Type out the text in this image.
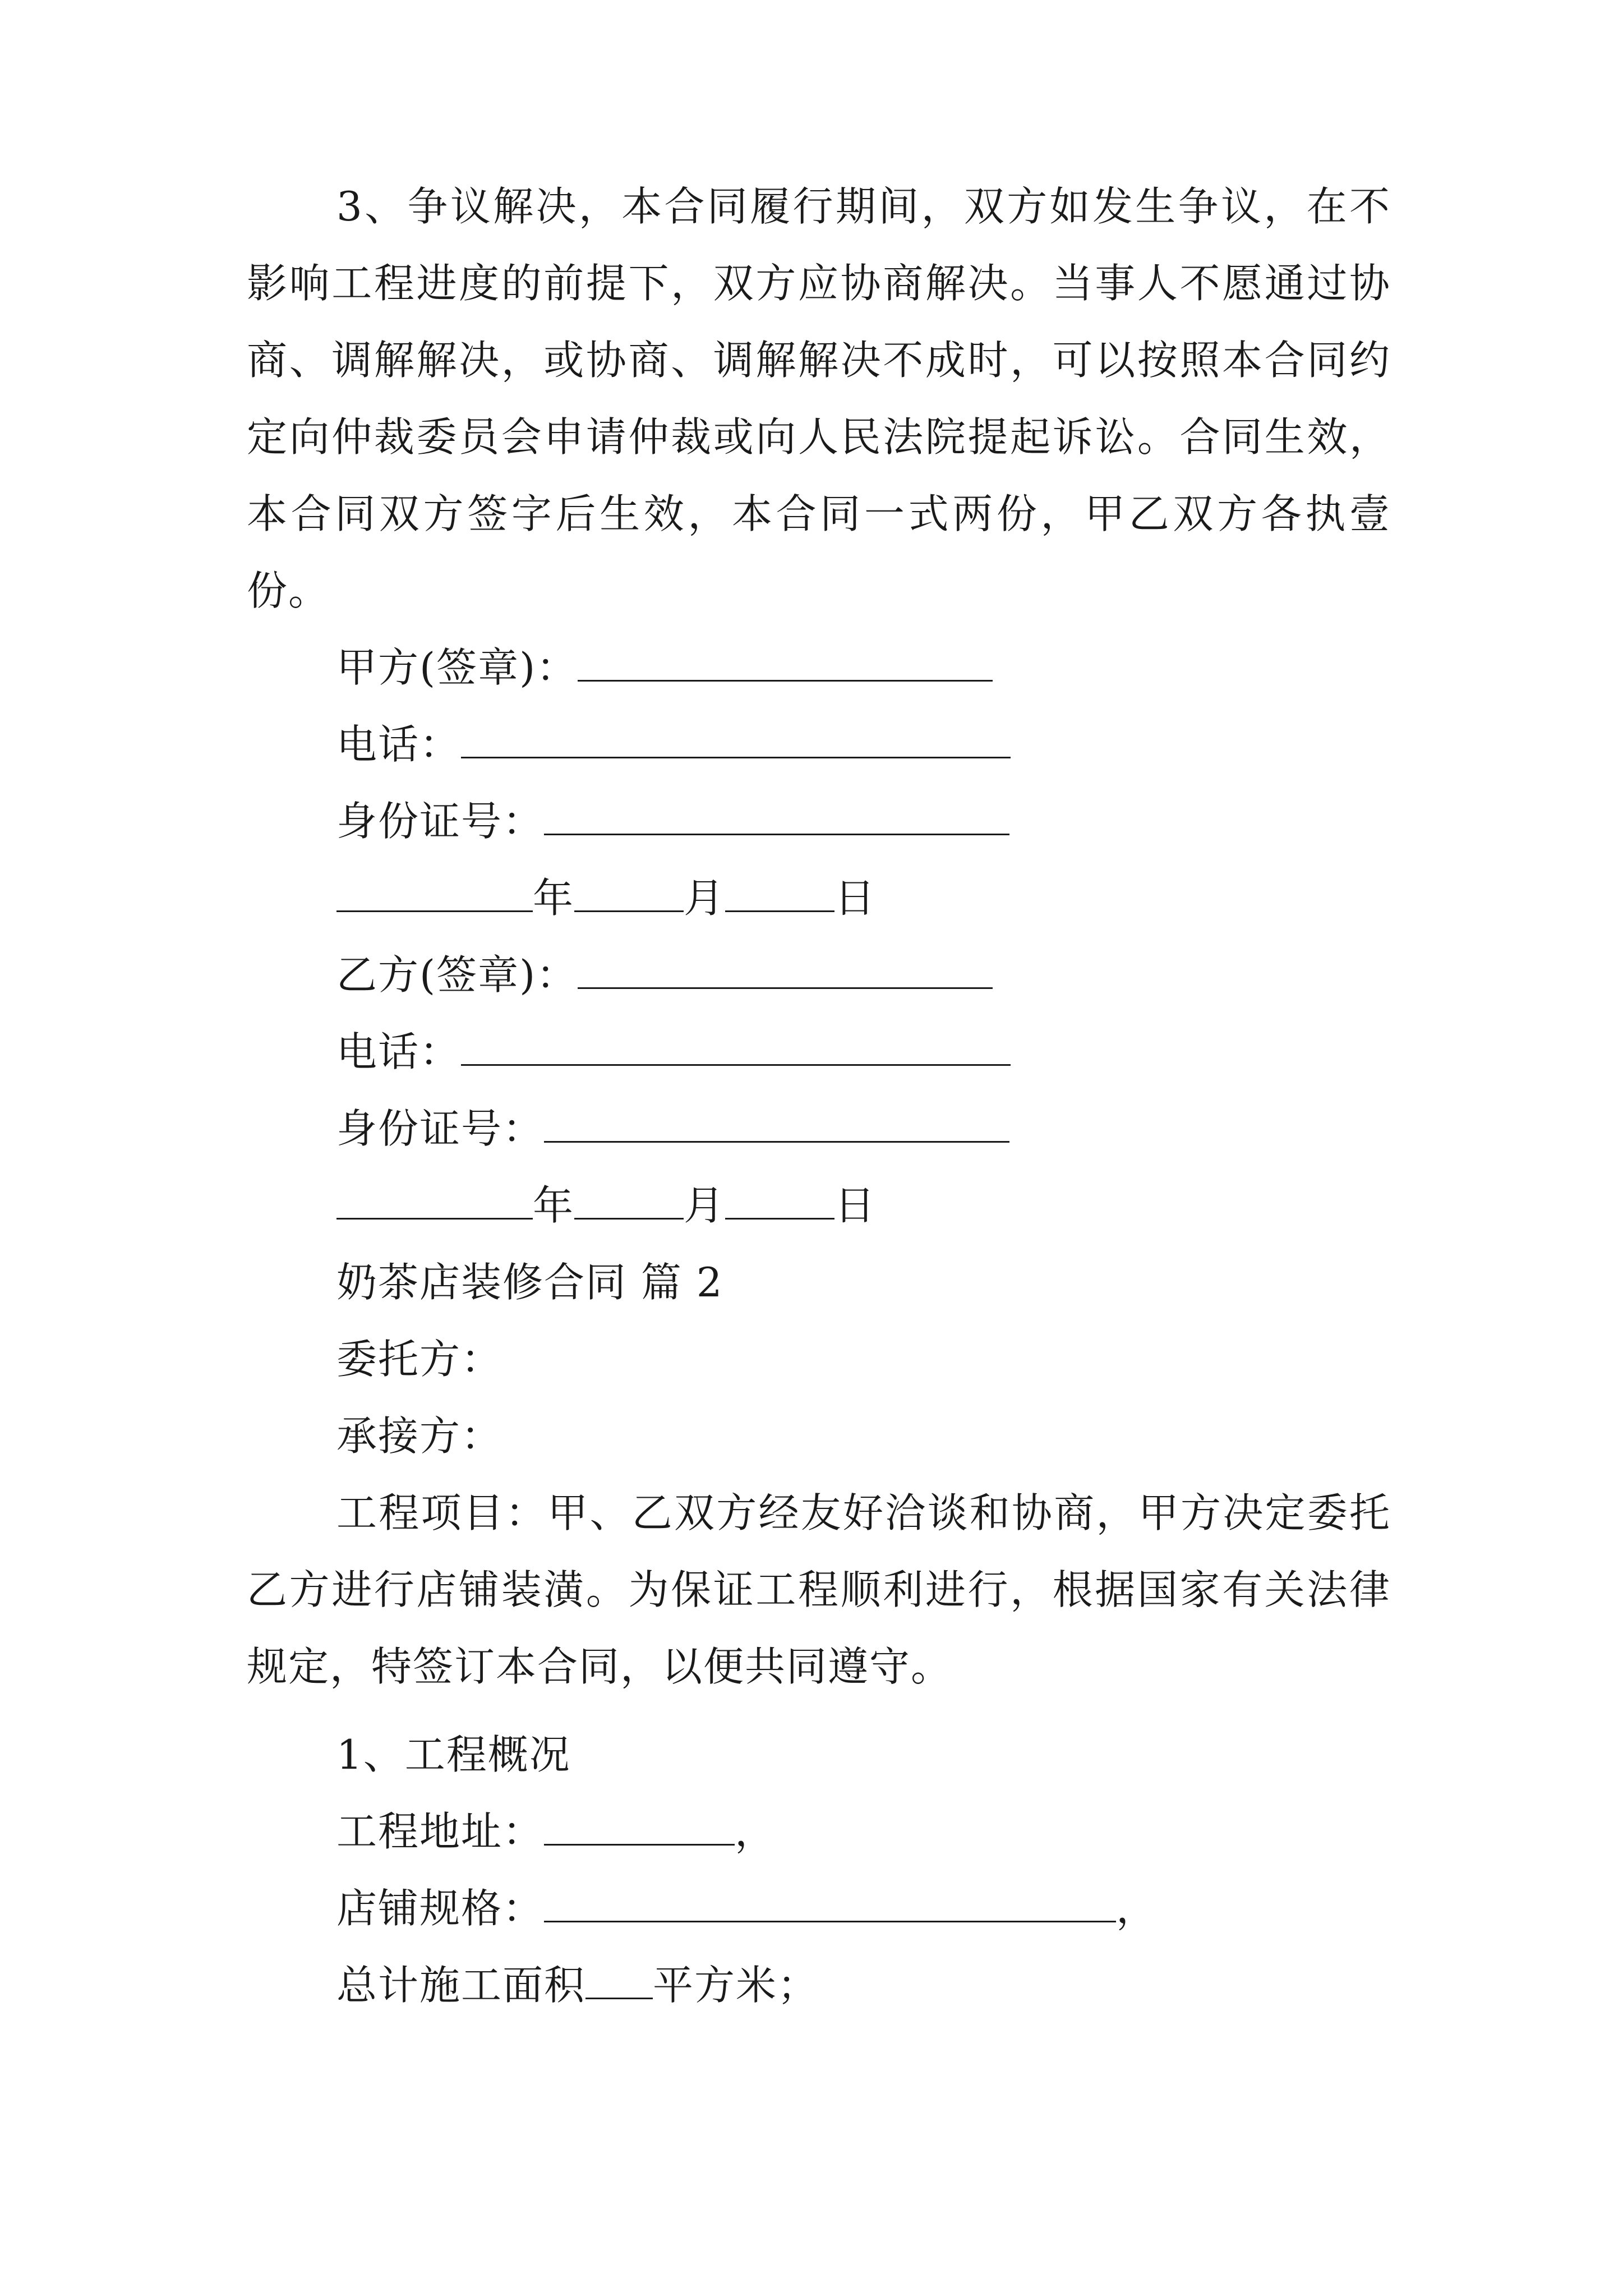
3、争议解决，本合同履行期间，双方如发生争议，在不影响工程进度的前提下，双方应协商解决。当事人不愿通过协商、调解解决，或协商、调解解决不成时，可以按照本合同约定向仲裁委员会申请仲裁或向人民法院提起诉讼。合同生效，本合同双方签字后生效，本合同一式两份，甲乙双方各执壹份。

甲方(签章)：
电话：
身份证号：
年	月	日
乙方(签章)：
电话：
身份证号：
年	月	日
奶茶店装修合同 篇 2
委托方：
承接方：

工程项目：甲、乙双方经友好洽谈和协商，甲方决定委托乙方进行店铺装潢。为保证工程顺利进行，根据国家有关法律规定，特签订本合同，以便共同遵守。

1、工程概况
工程地址：	，
店铺规格：	，
总计施工面积 平方米；
